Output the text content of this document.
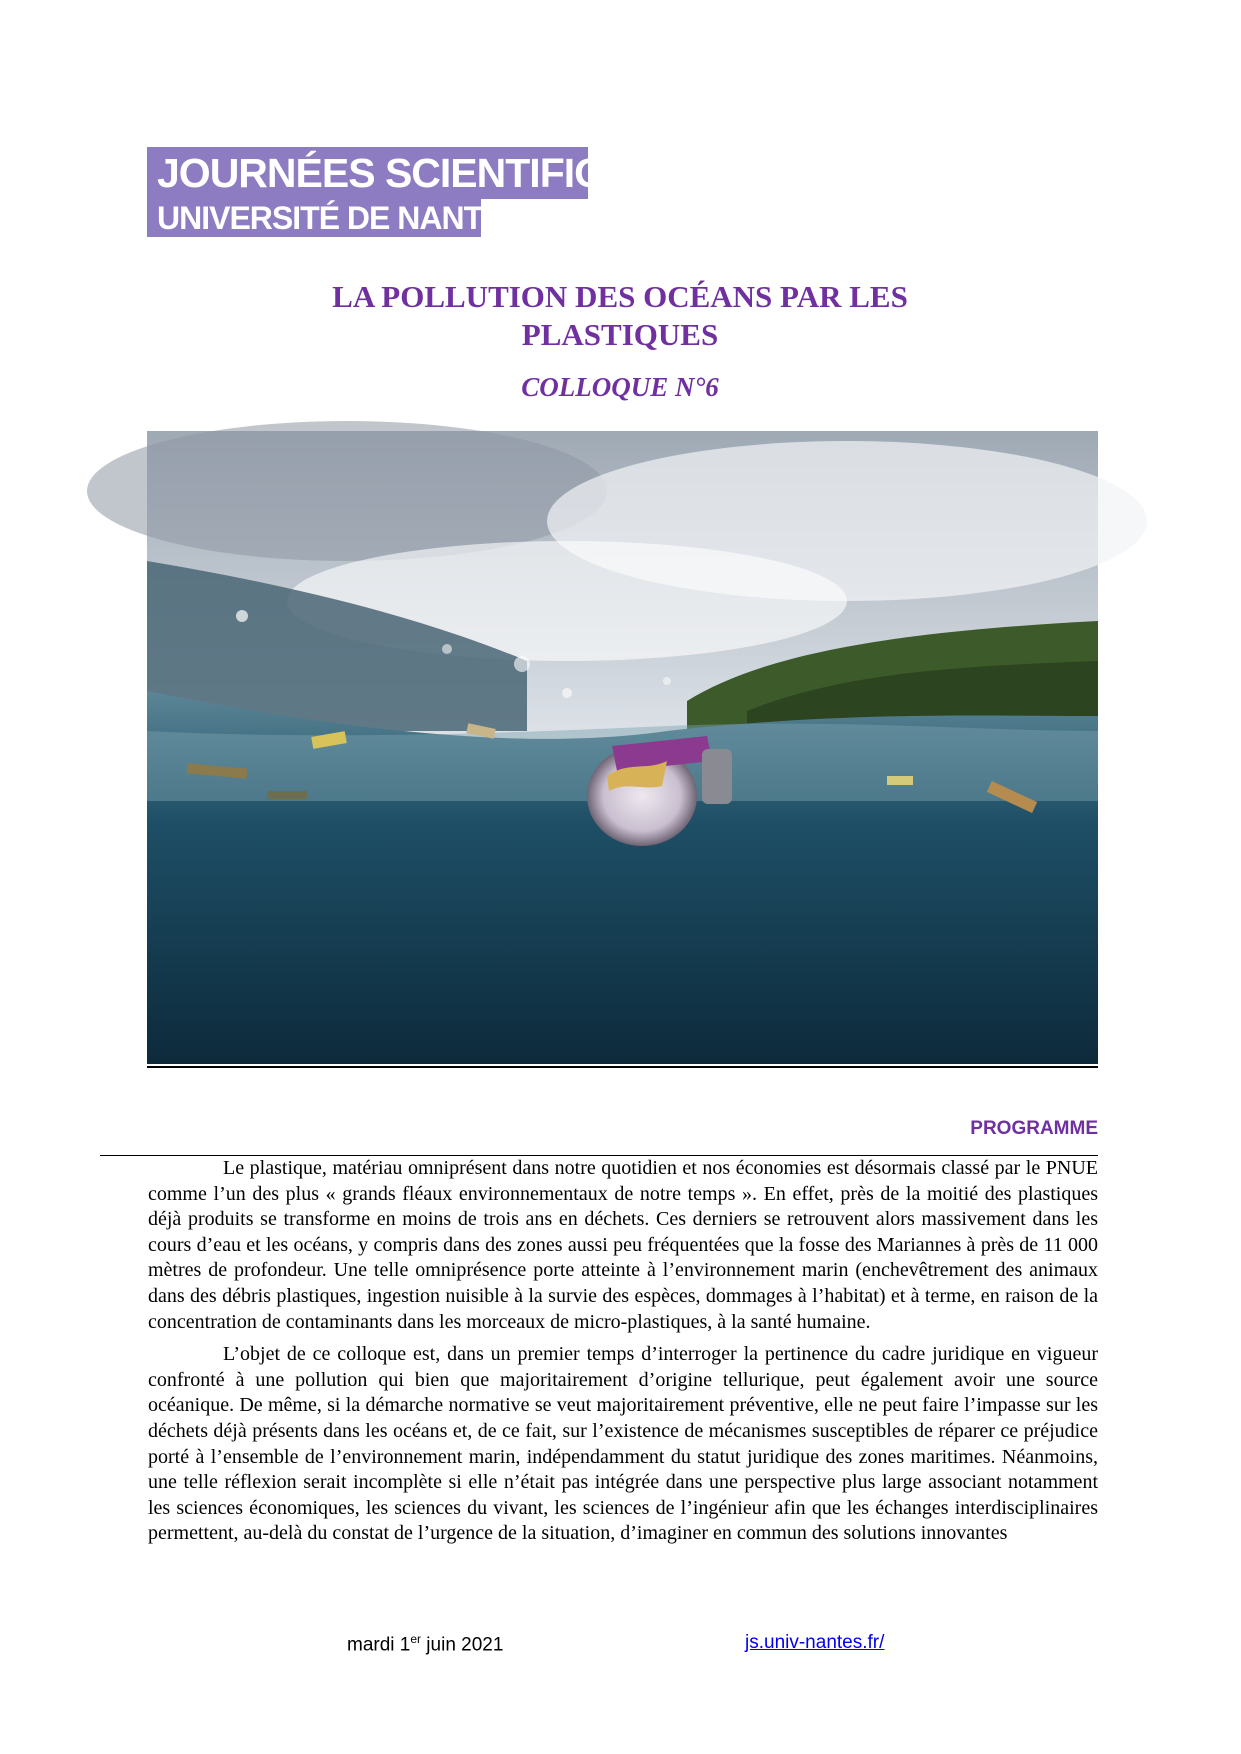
JOURNÉES SCIENTIFIQUES
UNIVERSITÉ DE NANTES
LA POLLUTION DES OCÉANS PAR LES
PLASTIQUES
COLLOQUE N°6
PROGRAMME

Le plastique, matériau omniprésent dans notre quotidien et nos économies est désormais classé par le PNUE comme l’un des plus « grands fléaux environnementaux de notre temps ». En effet, près de la moitié des plastiques déjà produits se transforme en moins de trois ans en déchets. Ces derniers se retrouvent alors massivement dans les cours d’eau et les océans, y compris dans des zones aussi peu fréquentées que la fosse des Mariannes à près de 11 000 mètres de profondeur. Une telle omniprésence porte atteinte à l’environnement marin (enchevêtrement des animaux dans des débris plastiques, ingestion nuisible à la survie des espèces, dommages à l’habitat) et à terme, en raison de la concentration de contaminants dans les morceaux de micro-plastiques, à la santé humaine.

L’objet de ce colloque est, dans un premier temps d’interroger la pertinence du cadre juridique en vigueur confronté à une pollution qui bien que majoritairement d’origine tellurique, peut également avoir une source océanique. De même, si la démarche normative se veut majoritairement préventive, elle ne peut faire l’impasse sur les déchets déjà présents dans les océans et, de ce fait, sur l’existence de mécanismes susceptibles de réparer ce préjudice porté à l’ensemble de l’environnement marin, indépendamment du statut juridique des zones maritimes. Néanmoins, une telle réflexion serait incomplète si elle n’était pas intégrée dans une perspective plus large associant notamment les sciences économiques, les sciences du vivant, les sciences de l’ingénieur afin que les échanges interdisciplinaires permettent, au-delà du constat de l’urgence de la situation, d’imaginer en commun des solutions innovantes

mardi 1er juin 2021	js.univ-nantes.fr/
